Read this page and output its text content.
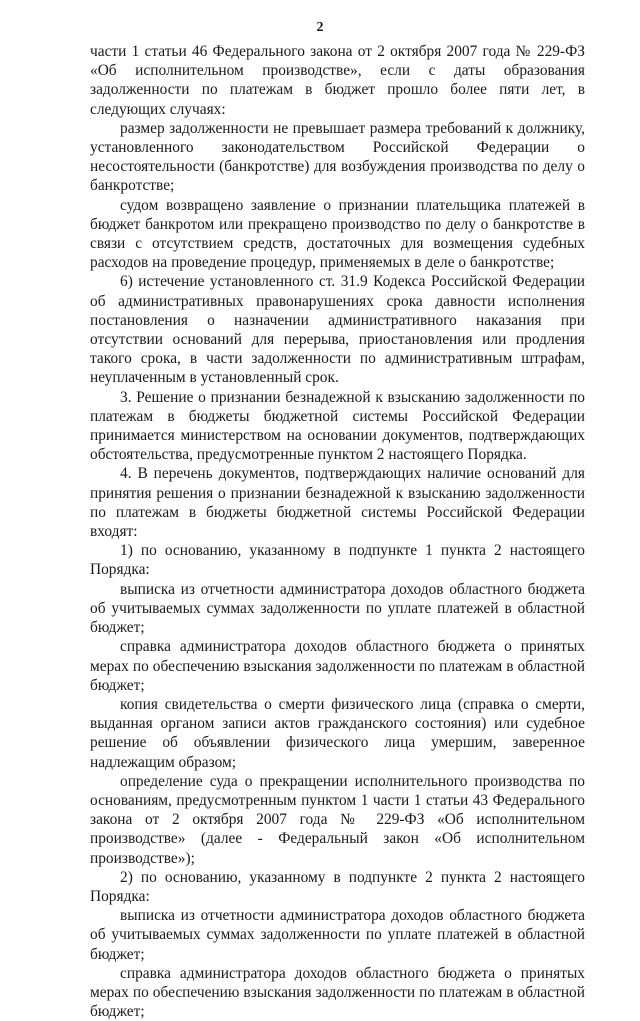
2

части 1 статьи 46 Федерального закона от 2 октября 2007 года № 229-ФЗ «Об исполнительном производстве», если с даты образования задолженности по платежам в бюджет прошло более пяти лет, в следующих случаях:

размер задолженности не превышает размера требований к должнику, установленного законодательством Российской Федерации о несостоятельности (банкротстве) для возбуждения производства по делу о банкротстве;

судом возвращено заявление о признании плательщика платежей в бюджет банкротом или прекращено производство по делу о банкротстве в связи с отсутствием средств, достаточных для возмещения судебных расходов на проведение процедур, применяемых в деле о банкротстве;

6) истечение установленного ст. 31.9 Кодекса Российской Федерации об административных правонарушениях срока давности исполнения постановления о назначении административного наказания при отсутствии оснований для перерыва, приостановления или продления такого срока, в части задолженности по административным штрафам, неуплаченным в установленный срок.

3. Решение о признании безнадежной к взысканию задолженности по платежам в бюджеты бюджетной системы Российской Федерации принимается министерством на основании документов, подтверждающих обстоятельства, предусмотренные пунктом 2 настоящего Порядка.

4. В перечень документов, подтверждающих наличие оснований для принятия решения о признании безнадежной к взысканию задолженности по платежам в бюджеты бюджетной системы Российской Федерации входят:

1) по основанию, указанному в подпункте 1 пункта 2 настоящего Порядка:

выписка из отчетности администратора доходов областного бюджета об учитываемых суммах задолженности по уплате платежей в областной бюджет;

справка администратора доходов областного бюджета о принятых мерах по обеспечению взыскания задолженности по платежам в областной бюджет;

копия свидетельства о смерти физического лица (справка о смерти, выданная органом записи актов гражданского состояния) или судебное решение об объявлении физического лица умершим, заверенное надлежащим образом;

определение суда о прекращении исполнительного производства по основаниям, предусмотренным пунктом 1 части 1 статьи 43 Федерального закона от 2 октября 2007 года № 229-ФЗ «Об исполнительном производстве» (далее - Федеральный закон «Об исполнительном производстве»);

2) по основанию, указанному в подпункте 2 пункта 2 настоящего Порядка:

выписка из отчетности администратора доходов областного бюджета об учитываемых суммах задолженности по уплате платежей в областной бюджет;

справка администратора доходов областного бюджета о принятых мерах по обеспечению взыскания задолженности по платежам в областной бюджет;
